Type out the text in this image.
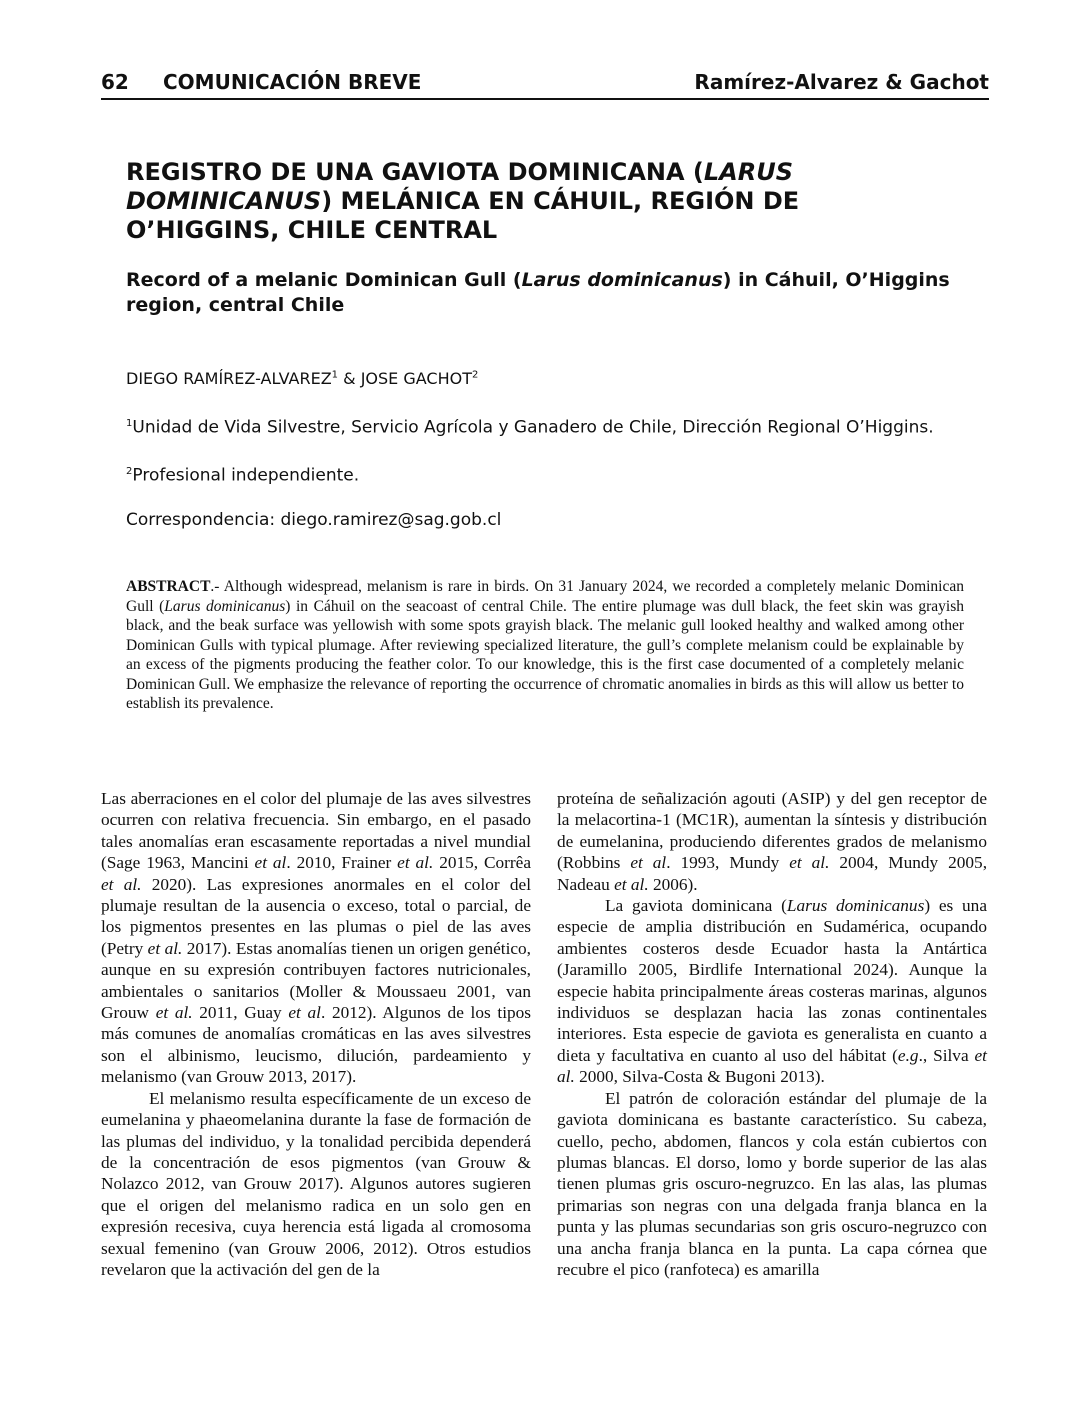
62 COMUNICACIÓN BREVE	Ramírez-Alvarez & Gachot
REGISTRO DE UNA GAVIOTA DOMINICANA (LARUS DOMINICANUS) MELÁNICA EN CÁHUIL, REGIÓN DE O’HIGGINS, CHILE CENTRAL
Record of a melanic Dominican Gull (Larus dominicanus) in Cáhuil, O’Higgins region, central Chile
DIEGO RAMÍREZ-ALVAREZ$^1$ & JOSE GACHOT$^2$
$^1$Unidad de Vida Silvestre, Servicio Agrícola y Ganadero de Chile, Dirección Regional O’Higgins.
$^2$Profesional independiente.
Correspondencia: diego.ramirez@sag.gob.cl
ABSTRACT.- Although widespread, melanism is rare in birds. On 31 January 2024, we recorded a completely melanic Dominican Gull (Larus dominicanus) in Cáhuil on the seacoast of central Chile. The entire plumage was dull black, the feet skin was grayish black, and the beak surface was yellowish with some spots grayish black. The melanic gull looked healthy and walked among other Dominican Gulls with typical plumage. After reviewing specialized literature, the gull’s complete melanism could be explainable by an excess of the pigments producing the feather color. To our knowledge, this is the first case documented of a completely melanic Dominican Gull. We emphasize the relevance of reporting the occurrence of chromatic anomalies in birds as this will allow us better to establish its prevalence.

Las aberraciones en el color del plumaje de las aves silvestres ocurren con relativa frecuencia. Sin embargo, en el pasado tales anomalías eran escasamente reportadas a nivel mundial (Sage 1963, Mancini et al. 2010, Frainer et al. 2015, Corrêa et al. 2020). Las expresiones anormales en el color del plumaje resultan de la ausencia o exceso, total o parcial, de los pigmentos presentes en las plumas o piel de las aves (Petry et al. 2017). Estas anomalías tienen un origen genético, aunque en su expresión contribuyen factores nutricionales, ambientales o sanitarios (Moller & Moussaeu 2001, van Grouw et al. 2011, Guay et al. 2012). Algunos de los tipos más comunes de anomalías cromáticas en las aves silvestres son el albinismo, leucismo, dilución, pardeamiento y melanismo (van Grouw 2013, 2017).

El melanismo resulta específicamente de un exceso de eumelanina y phaeomelanina durante la fase de formación de las plumas del individuo, y la tonalidad percibida dependerá de la concentración de esos pigmentos (van Grouw & Nolazco 2012, van Grouw 2017). Algunos autores sugieren que el origen del melanismo radica en un solo gen en expresión recesiva, cuya herencia está ligada al cromosoma sexual femenino (van Grouw 2006, 2012). Otros estudios revelaron que la activación del gen de la

proteína de señalización agouti (ASIP) y del gen receptor de la melacortina-1 (MC1R), aumentan la síntesis y distribución de eumelanina, produciendo diferentes grados de melanismo (Robbins et al. 1993, Mundy et al. 2004, Mundy 2005, Nadeau et al. 2006).

La gaviota dominicana (Larus dominicanus) es una especie de amplia distribución en Sudamérica, ocupando ambientes costeros desde Ecuador hasta la Antártica (Jaramillo 2005, Birdlife International 2024). Aunque la especie habita principalmente áreas costeras marinas, algunos individuos se desplazan hacia las zonas continentales interiores. Esta especie de gaviota es generalista en cuanto a dieta y facultativa en cuanto al uso del hábitat (e.g., Silva et al. 2000, Silva-Costa & Bugoni 2013).

El patrón de coloración estándar del plumaje de la gaviota dominicana es bastante característico. Su cabeza, cuello, pecho, abdomen, flancos y cola están cubiertos con plumas blancas. El dorso, lomo y borde superior de las alas tienen plumas gris oscuro-negruzco. En las alas, las plumas primarias son negras con una delgada franja blanca en la punta y las plumas secundarias son gris oscuro-negruzco con una ancha franja blanca en la punta. La capa córnea que recubre el pico (ranfoteca) es amarilla
